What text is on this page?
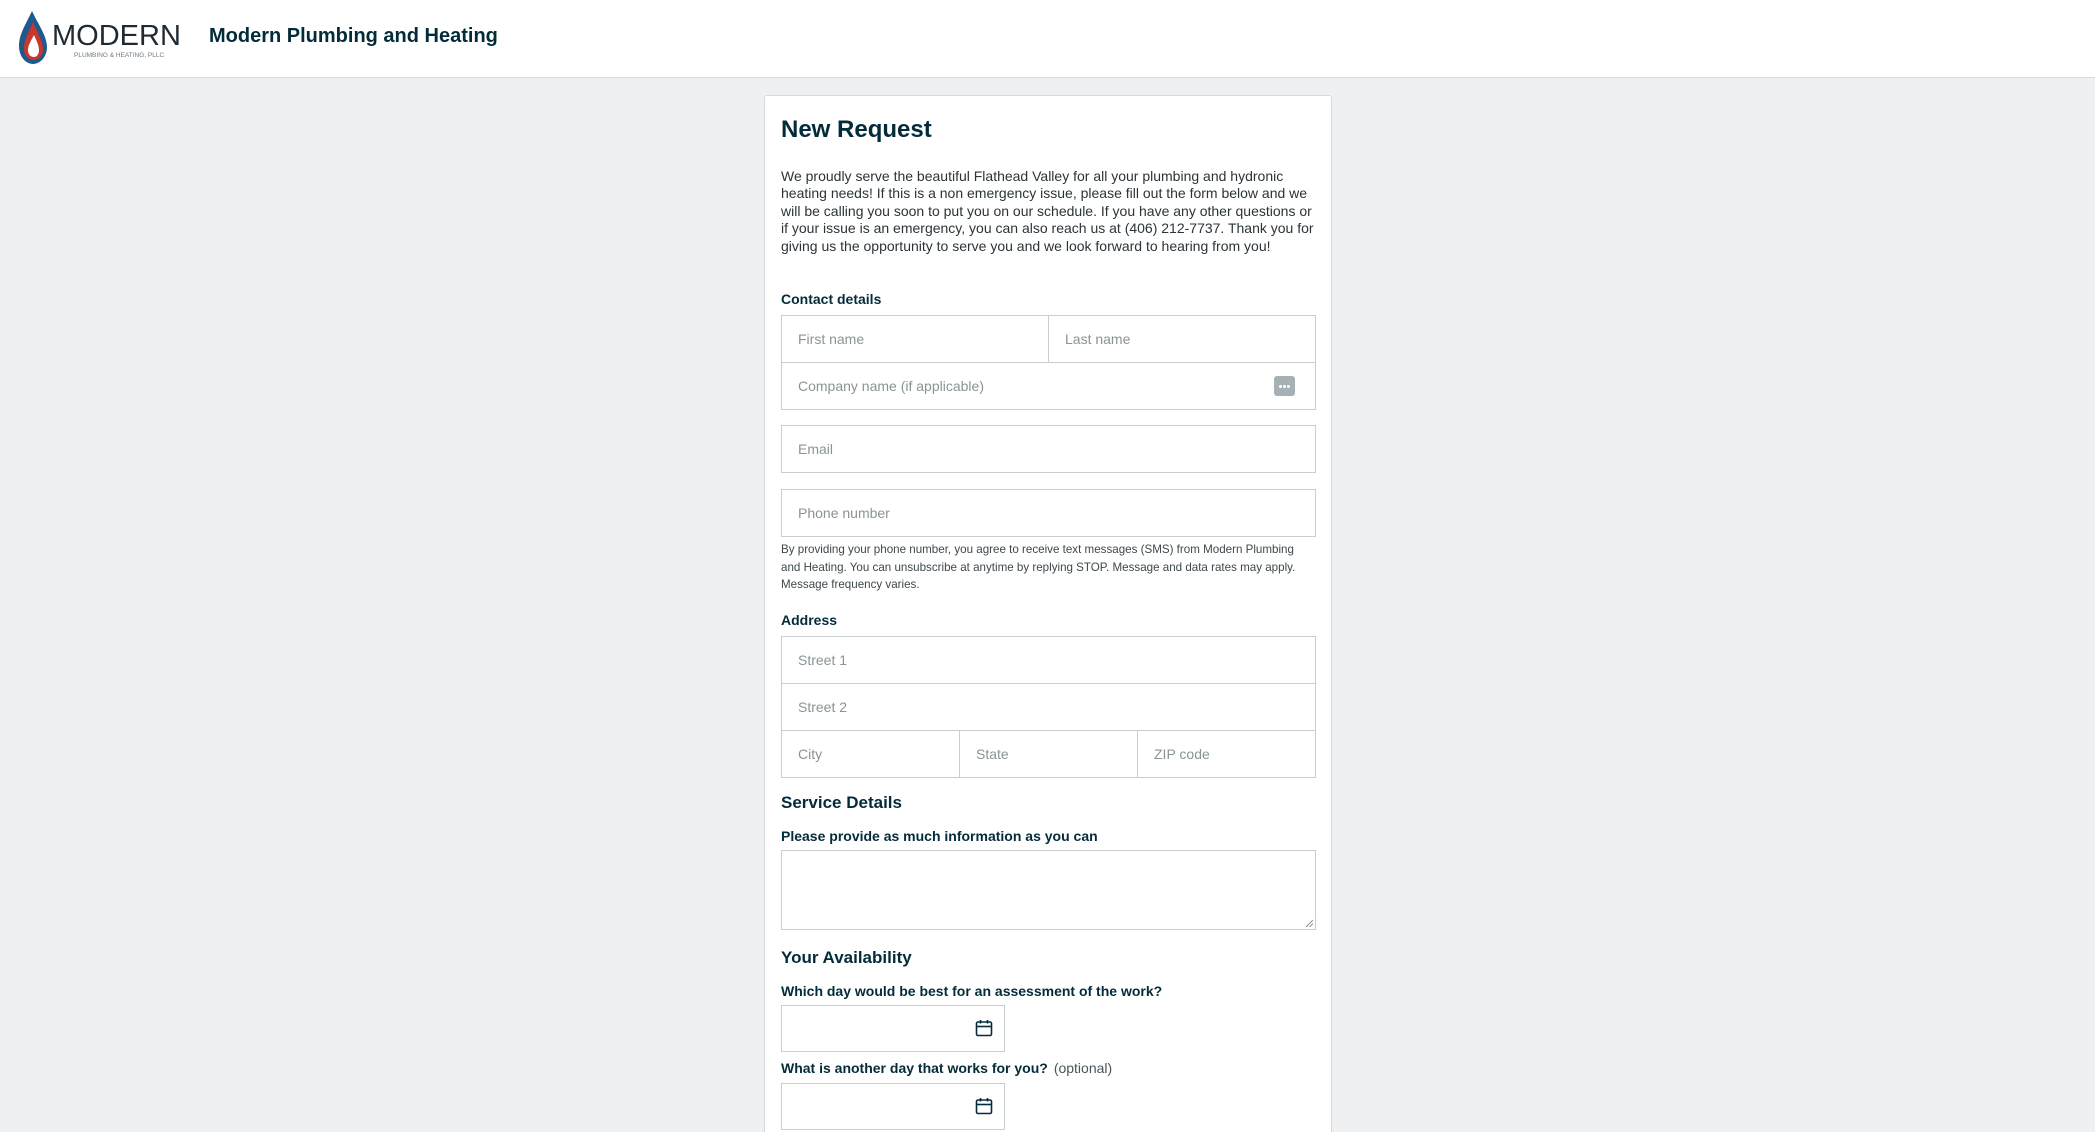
MODERN
PLUMBING & HEATING, PLLC
Modern Plumbing and Heating
New Request
We proudly serve the beautiful Flathead Valley for all your plumbing and hydronic heating needs! If this is a non emergency issue, please fill out the form below and we will be calling you soon to put you on our schedule. If you have any other questions or if your issue is an emergency, you can also reach us at (406) 212-7737. Thank you for giving us the opportunity to serve you and we look forward to hearing from you!
Contact details
First name
Last name
Company name (if applicable)
Email
Phone number
By providing your phone number, you agree to receive text messages (SMS) from Modern Plumbing and Heating. You can unsubscribe at anytime by replying STOP. Message and data rates may apply. Message frequency varies.
Address
Street 1
Street 2
City
State
ZIP code
Service Details
Please provide as much information as you can
Your Availability
Which day would be best for an assessment of the work?
What is another day that works for you? (optional)
